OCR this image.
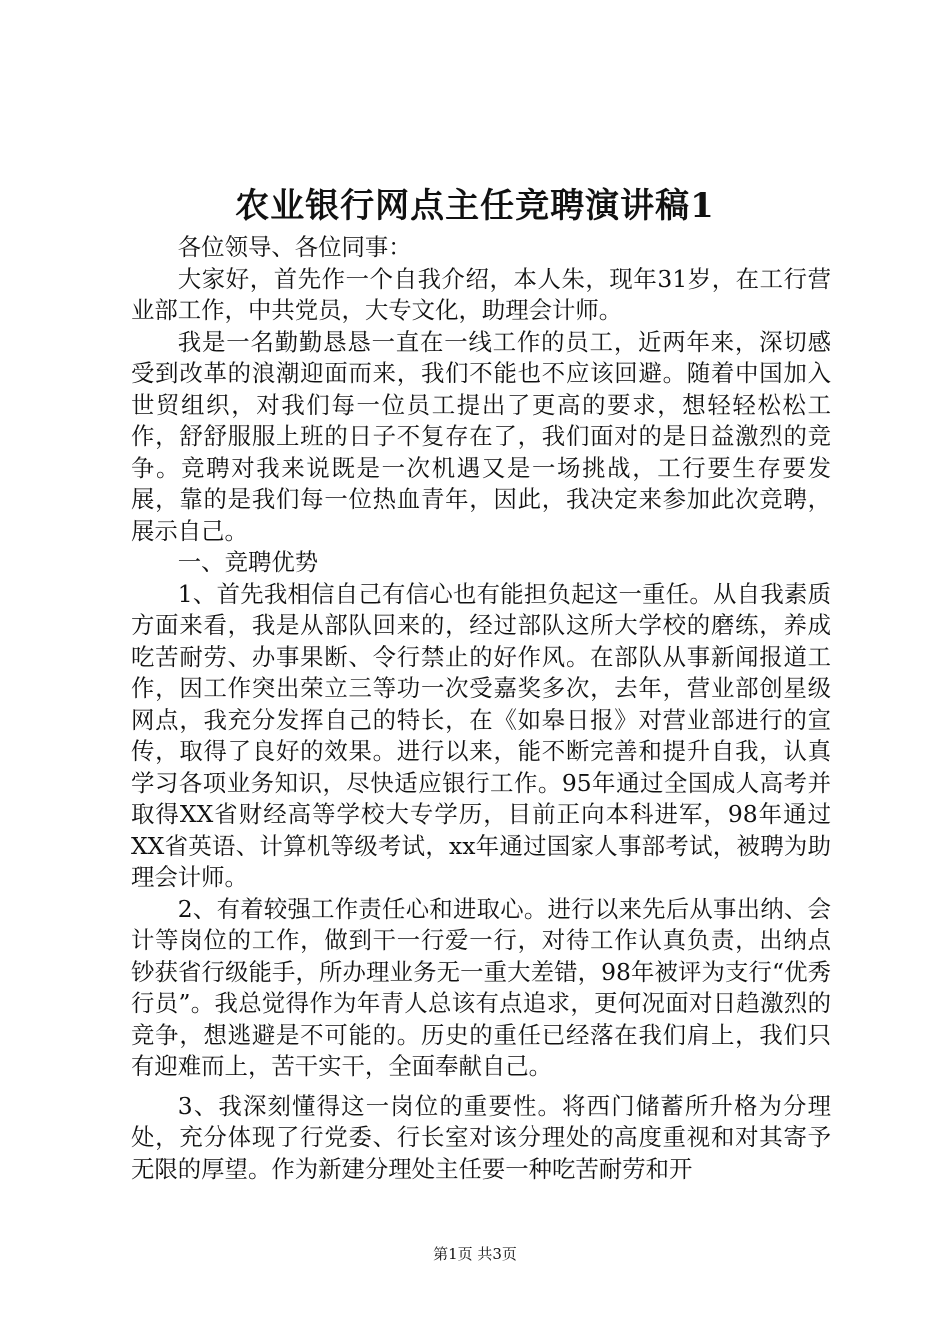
农业银行网点主任竞聘演讲稿1

各位领导、各位同事：

大家好，首先作一个自我介绍，本人朱，现年31岁，在工行营业部工作，中共党员，大专文化，助理会计师。

我是一名勤勤恳恳一直在一线工作的员工，近两年来，深切感受到改革的浪潮迎面而来，我们不能也不应该回避。随着中国加入世贸组织，对我们每一位员工提出了更高的要求，想轻轻松松工作，舒舒服服上班的日子不复存在了，我们面对的是日益激烈的竞争。竞聘对我来说既是一次机遇又是一场挑战，工行要生存要发展，靠的是我们每一位热血青年，因此，我决定来参加此次竞聘，展示自己。

一、竞聘优势

1、首先我相信自己有信心也有能担负起这一重任。从自我素质方面来看，我是从部队回来的，经过部队这所大学校的磨练，养成吃苦耐劳、办事果断、令行禁止的好作风。在部队从事新闻报道工作，因工作突出荣立三等功一次受嘉奖多次，去年，营业部创星级网点，我充分发挥自己的特长，在《如皋日报》对营业部进行的宣传，取得了良好的效果。进行以来，能不断完善和提升自我，认真学习各项业务知识，尽快适应银行工作。95年通过全国成人高考并取得XX省财经高等学校大专学历，目前正向本科进军，98年通过XX省英语、计算机等级考试，xx年通过国家人事部考试，被聘为助理会计师。

2、有着较强工作责任心和进取心。进行以来先后从事出纳、会计等岗位的工作，做到干一行爱一行，对待工作认真负责，出纳点钞获省行级能手，所办理业务无一重大差错，98年被评为支行“优秀行员”。我总觉得作为年青人总该有点追求，更何况面对日趋激烈的竞争，想逃避是不可能的。历史的重任已经落在我们肩上，我们只有迎难而上，苦干实干，全面奉献自己。

3、我深刻懂得这一岗位的重要性。将西门储蓄所升格为分理处，充分体现了行党委、行长室对该分理处的高度重视和对其寄予无限的厚望。作为新建分理处主任要一种吃苦耐劳和开

第1页 共3页
